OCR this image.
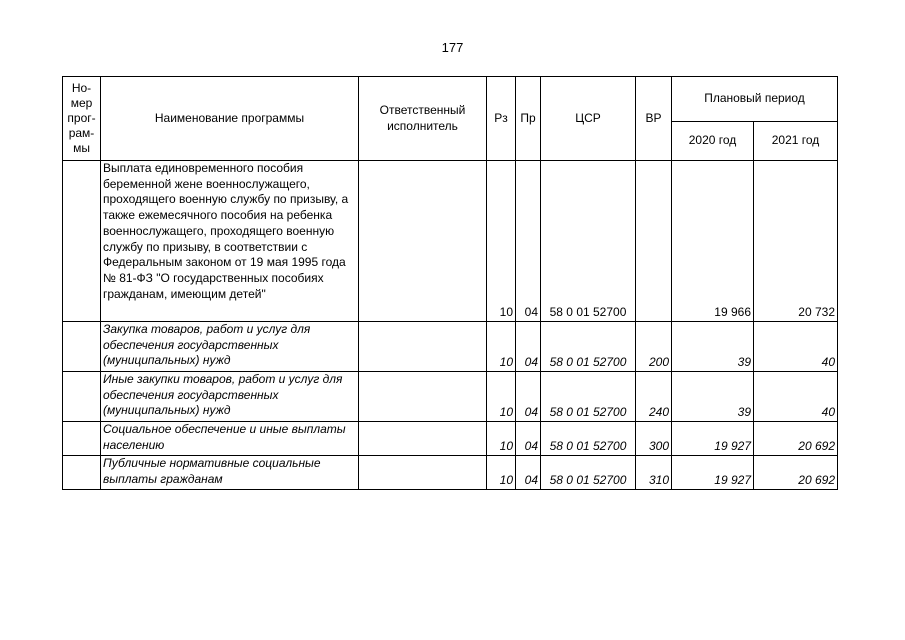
177
Но-
мер
прог-
рам-
мы	Наименование программы	Ответственный исполнитель	Рз	Пр	ЦСР	ВР	Плановый период	
							2020 год	2021 год
	Выплата единовременного пособия беременной жене военнослужащего, проходящего военную службу по призыву, а также ежемесячного пособия на ребенка военнослужащего, проходящего военную службу по призыву, в соответствии с Федеральным законом от 19 мая 1995 года № 81-ФЗ "О государственных пособиях гражданам, имеющим детей"		10	04	58 0 01 52700		19 966	20 732
	Закупка товаров, работ и услуг для обеспечения государственных (муниципальных) нужд		10	04	58 0 01 52700	200	39	40
	Иные закупки товаров, работ и услуг для обеспечения государственных (муниципальных) нужд		10	04	58 0 01 52700	240	39	40
	Социальное обеспечение и иные выплаты населению		10	04	58 0 01 52700	300	19 927	20 692
	Публичные нормативные социальные выплаты гражданам		10	04	58 0 01 52700	310	19 927	20 692
